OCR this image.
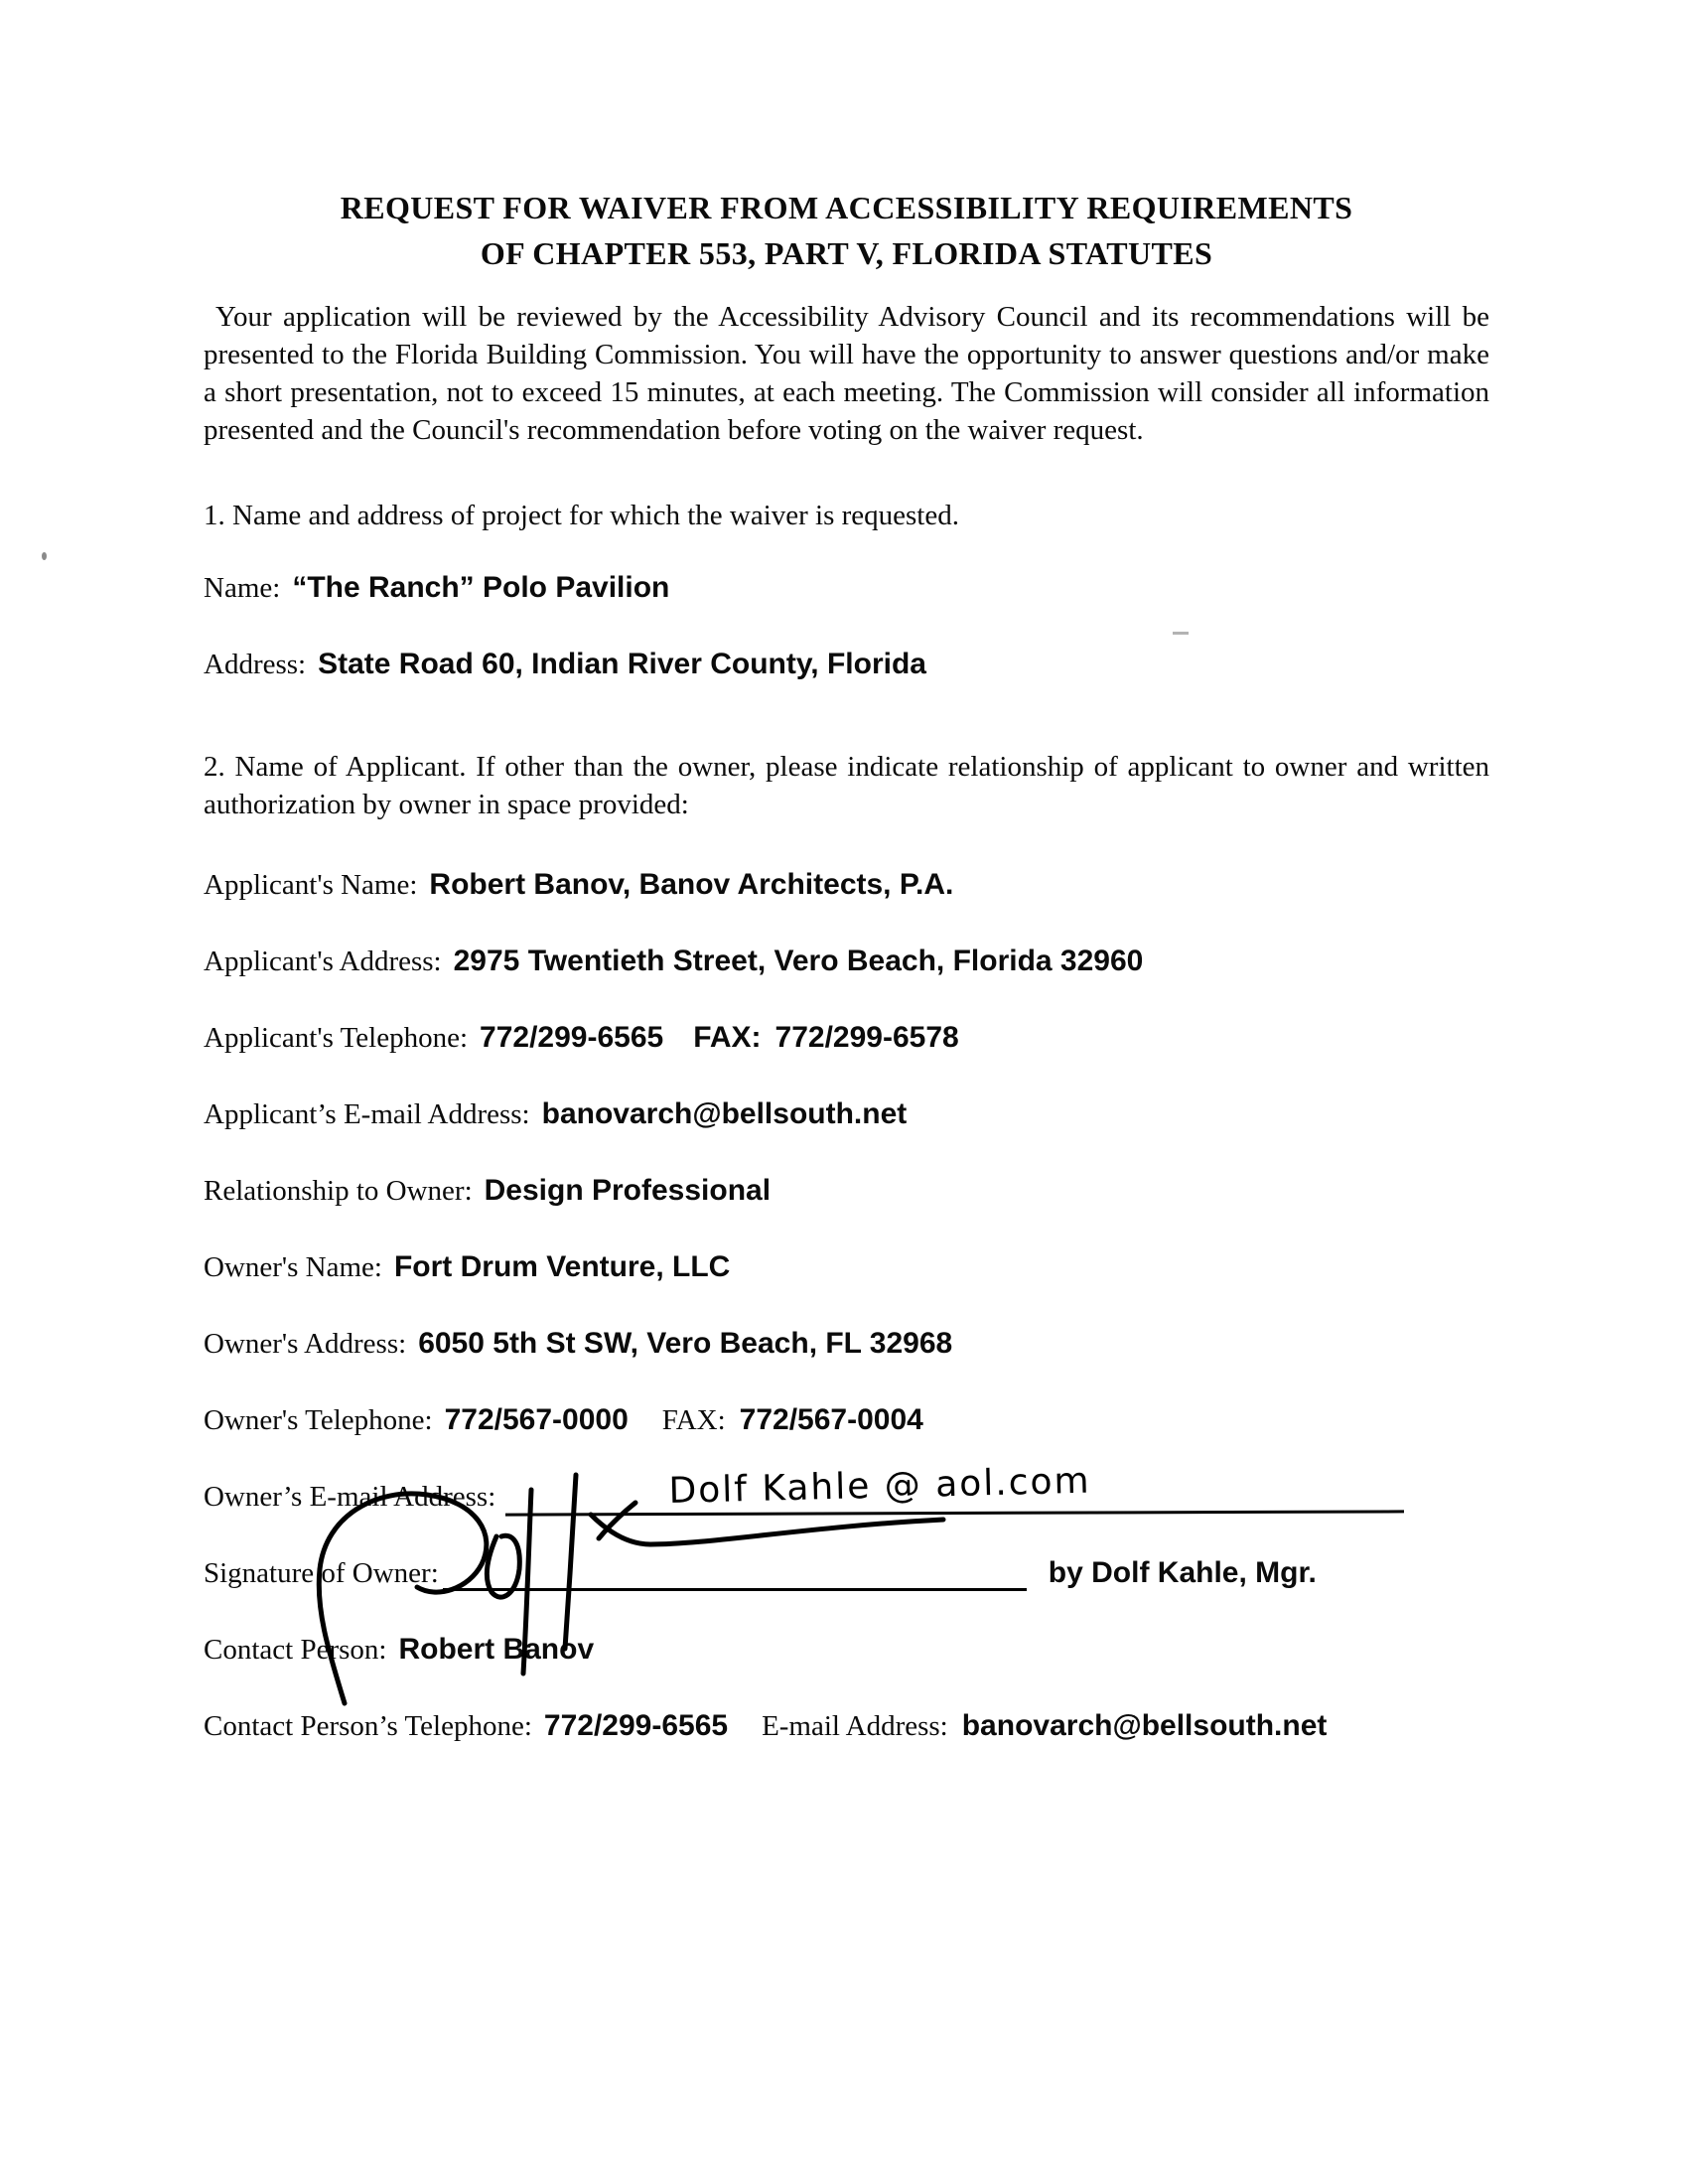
REQUEST FOR WAIVER FROM ACCESSIBILITY REQUIREMENTS
OF CHAPTER 553, PART V, FLORIDA STATUTES

Your application will be reviewed by the Accessibility Advisory Council and its recommendations will be presented to the Florida Building Commission. You will have the opportunity to answer questions and/or make a short presentation, not to exceed 15 minutes, at each meeting. The Commission will consider all information presented and the Council's recommendation before voting on the waiver request.

1. Name and address of project for which the waiver is requested.
Name: “The Ranch” Polo Pavilion
Address: State Road 60, Indian River County, Florida
2. Name of Applicant. If other than the owner, please indicate relationship of applicant to owner and written authorization by owner in space provided:
Applicant's Name: Robert Banov, Banov Architects, P.A.
Applicant's Address: 2975 Twentieth Street, Vero Beach, Florida 32960
Applicant's Telephone: 772/299-6565 FAX: 772/299-6578
Applicant’s E-mail Address: banovarch@bellsouth.net
Relationship to Owner: Design Professional
Owner's Name: Fort Drum Venture, LLC
Owner's Address: 6050 5th St SW, Vero Beach, FL 32968
Owner's Telephone: 772/567-0000 FAX: 772/567-0004
Owner’s E-mail Address:	Dolf Kahle @ aol.com
Signature of Owner:	by Dolf Kahle, Mgr.
Contact Person: Robert Banov
Contact Person’s Telephone: 772/299-6565 E-mail Address: banovarch@bellsouth.net
